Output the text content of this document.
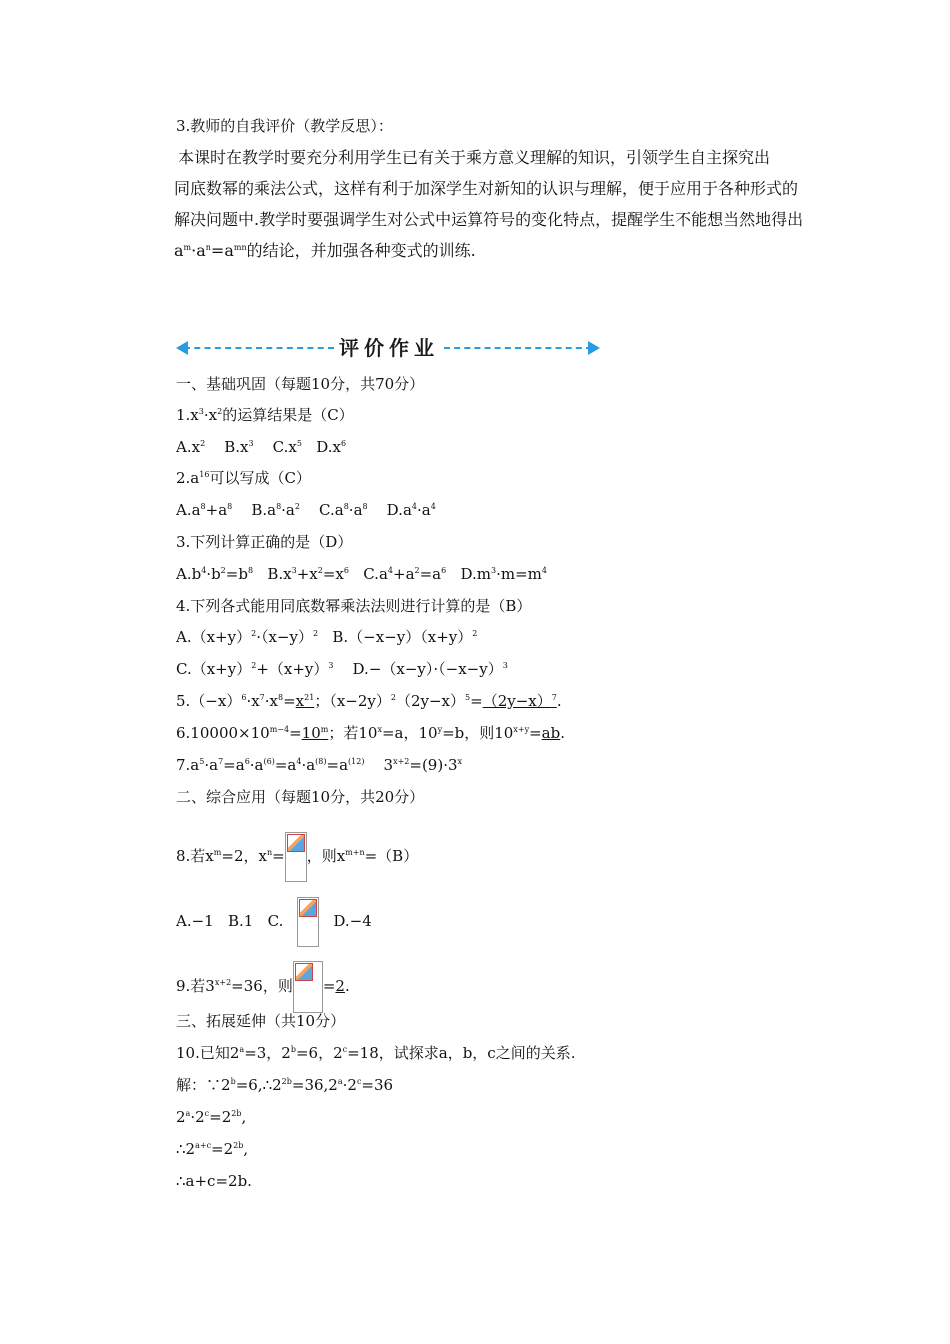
3.教师的自我评价（教学反思）：

本课时在教学时要充分利用学生已有关于乘方意义理解的知识，引领学生自主探究出

同底数幂的乘法公式，这样有利于加深学生对新知的认识与理解，便于应用于各种形式的

解决问题中.教学时要强调学生对公式中运算符号的变化特点，提醒学生不能想当然地得出

$a^m\cdot a^n=a^{mn}$的结论，并加强各种变式的训练.

评价作业
一、基础巩固（每题10分，共70分）
$1.x^3\cdot x^2$的运算结果是（C）
$A.x^2$    $B.x^3$    $C.x^5$   $D.x^6$
$2.a^{16}$可以写成（C）
$A.a^8+a^8$    $B.a^8\cdot a^2$    $C.a^8\cdot a^8$    $D.a^4\cdot a^4$
3.下列计算正确的是（D）
$A.b^4\cdot b^2=b^8$   $B.x^3+x^2=x^6$   $C.a^4+a^2=a^6$   $D.m^3\cdot m=m^4$
4.下列各式能用同底数幂乘法法则进行计算的是（B）
$A.(x+y)^2\cdot(x-y)^2$   $B.(-x-y)(x+y)^2$
$C.(x+y)^2+(x+y)^3$    $D.-(x-y)\cdot(-x-y)^3$
$5.(-x)^6\cdot x^7\cdot x^8=x^{21}$；$(x-2y)^2(2y-x)^5=(2y-x)^7$.
$6.10000\times 10^{m-4}=10^m$；若$10^x=a$，$10^y=b$，则$10^{x+y}=ab$.
$7.a^5\cdot a^7=a^6\cdot a^{(6)}=a^4\cdot a^{(8)}=a^{(12)}$    $3^{x+2}=(9)\cdot 3^x$
二、综合应用（每题10分，共20分）
8.若$x^m=2$，$x^n=$ ，则$x^{m+n}=(B)$
A.−1   B.1   C.	D.−4
9.若$3^{x+2}=36$，则 =2.
三、拓展延伸（共10分）
10.已知$2^a=3$，$2^b=6$，$2^c=18$，试探求a，b，c之间的关系.
解：$\because 2^b=6,\therefore 2^{2b}=36,2^a\cdot 2^c=36$
$2^a\cdot 2^c=2^{2b}$,
$\therefore 2^{a+c}=2^{2b}$,
∴a+c=2b.
